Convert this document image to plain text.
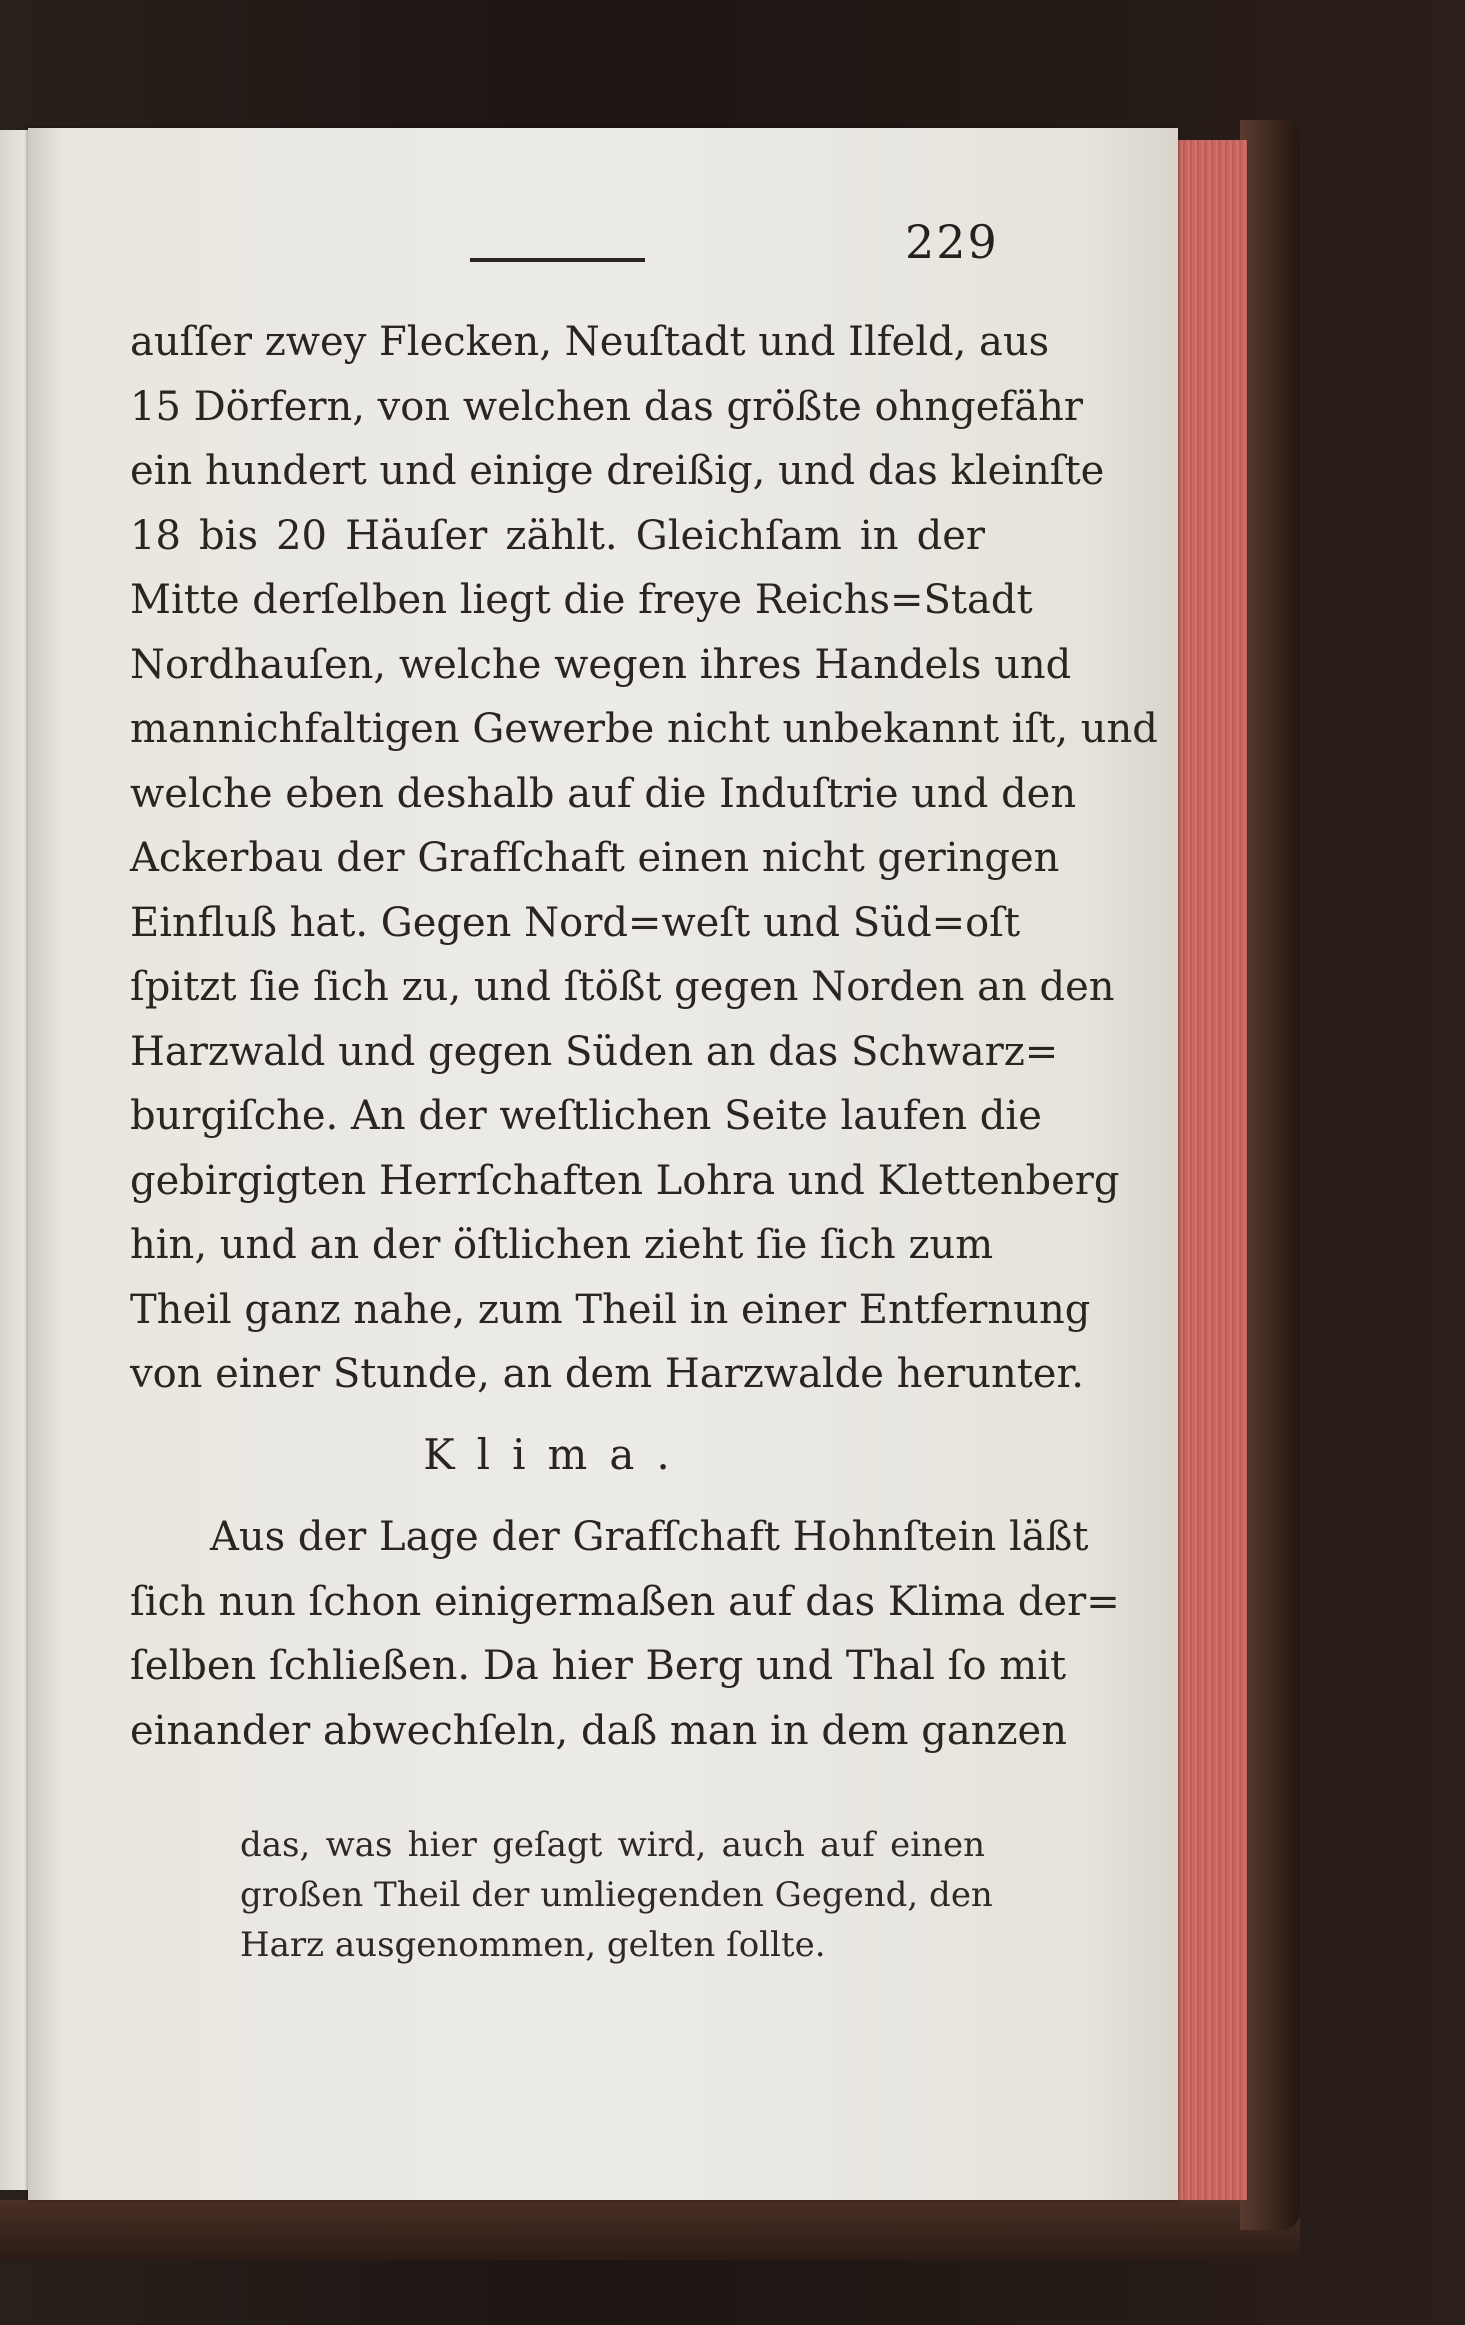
229
auſſer zwey Flecken, Neuſtadt und Ilfeld, aus
15 Dörfern, von welchen das größte ohngefähr
ein hundert und einige dreißig, und das kleinſte
18 bis 20 Häuſer zählt. Gleichſam in der
Mitte derſelben liegt die freye Reichs=Stadt
Nordhauſen, welche wegen ihres Handels und
mannichfaltigen Gewerbe nicht unbekannt iſt, und
welche eben deshalb auf die Induſtrie und den
Ackerbau der Grafſchaft einen nicht geringen
Einfluß hat. Gegen Nord=weſt und Süd=oſt
ſpitzt ſie ſich zu, und ſtößt gegen Norden an den
Harzwald und gegen Süden an das Schwarz=
burgiſche. An der weſtlichen Seite laufen die
gebirgigten Herrſchaften Lohra und Klettenberg
hin, und an der öſtlichen zieht ſie ſich zum
Theil ganz nahe, zum Theil in einer Entfernung
von einer Stunde, an dem Harzwalde herunter.
Klima.
Aus der Lage der Grafſchaft Hohnſtein läßt
ſich nun ſchon einigermaßen auf das Klima der=
ſelben ſchließen. Da hier Berg und Thal ſo mit
einander abwechſeln, daß man in dem ganzen
das, was hier geſagt wird, auch auf einen
großen Theil der umliegenden Gegend, den
Harz ausgenommen, gelten ſollte.
